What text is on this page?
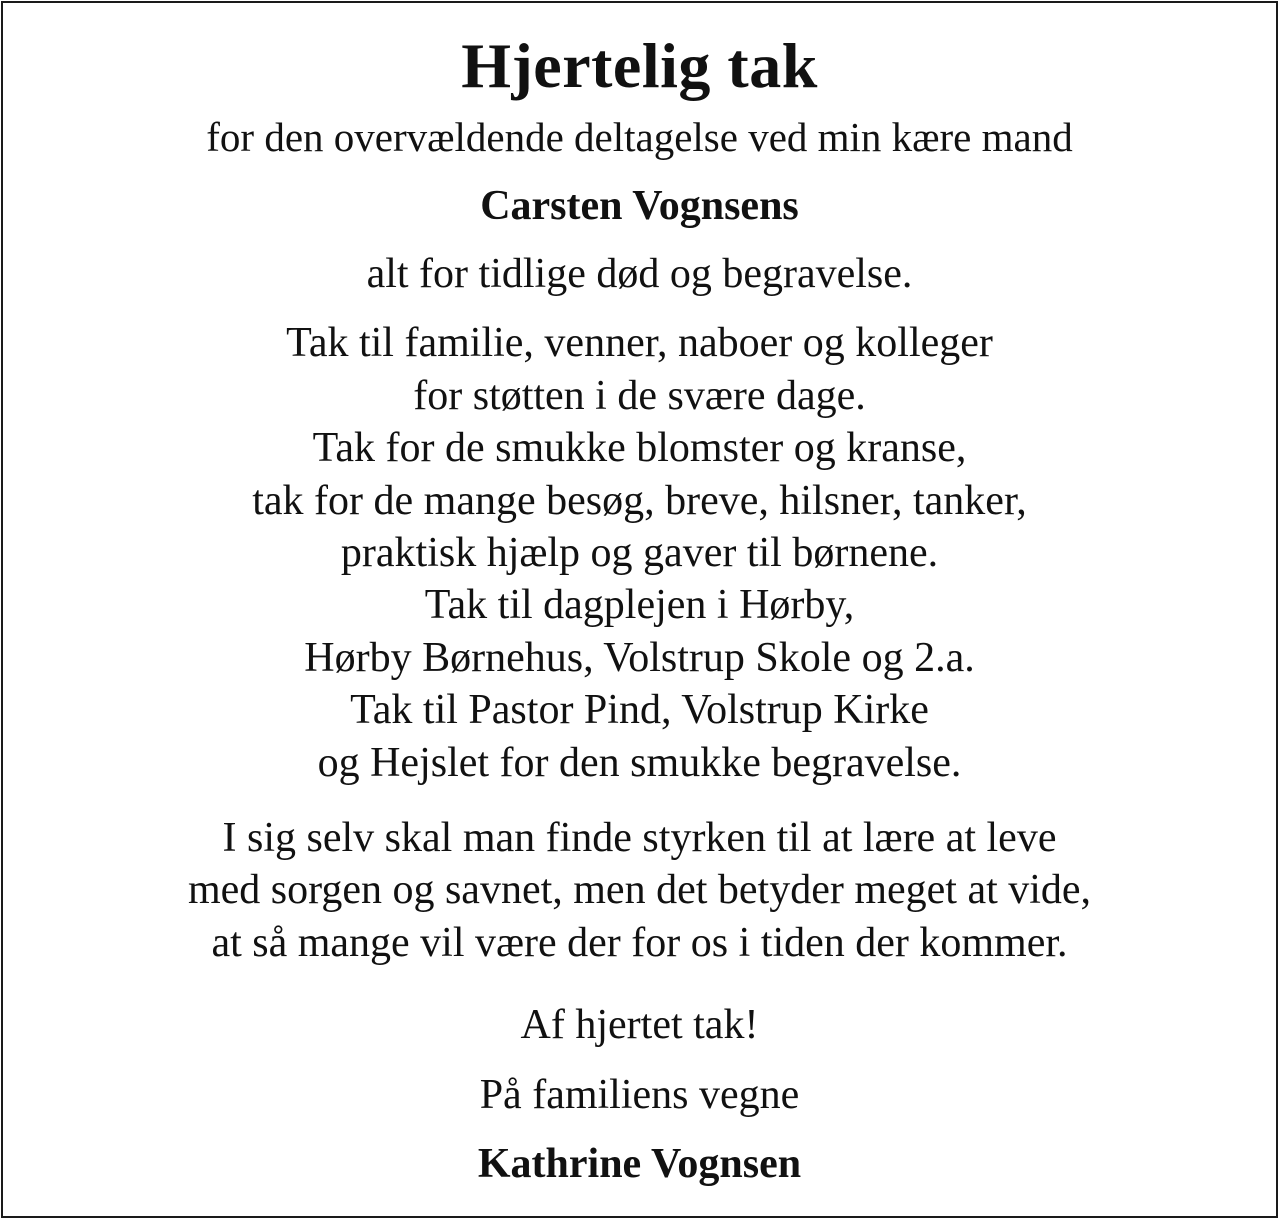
Hjertelig tak
for den overvældende deltagelse ved min kære mand
Carsten Vognsens
alt for tidlige død og begravelse.
Tak til familie, venner, naboer og kolleger
for støtten i de svære dage.
Tak for de smukke blomster og kranse,
tak for de mange besøg, breve, hilsner, tanker,
praktisk hjælp og gaver til børnene.
Tak til dagplejen i Hørby,
Hørby Børnehus, Volstrup Skole og 2.a.
Tak til Pastor Pind, Volstrup Kirke
og Hejslet for den smukke begravelse.
I sig selv skal man finde styrken til at lære at leve
med sorgen og savnet, men det betyder meget at vide,
at så mange vil være der for os i tiden der kommer.
Af hjertet tak!
På familiens vegne
Kathrine Vognsen
